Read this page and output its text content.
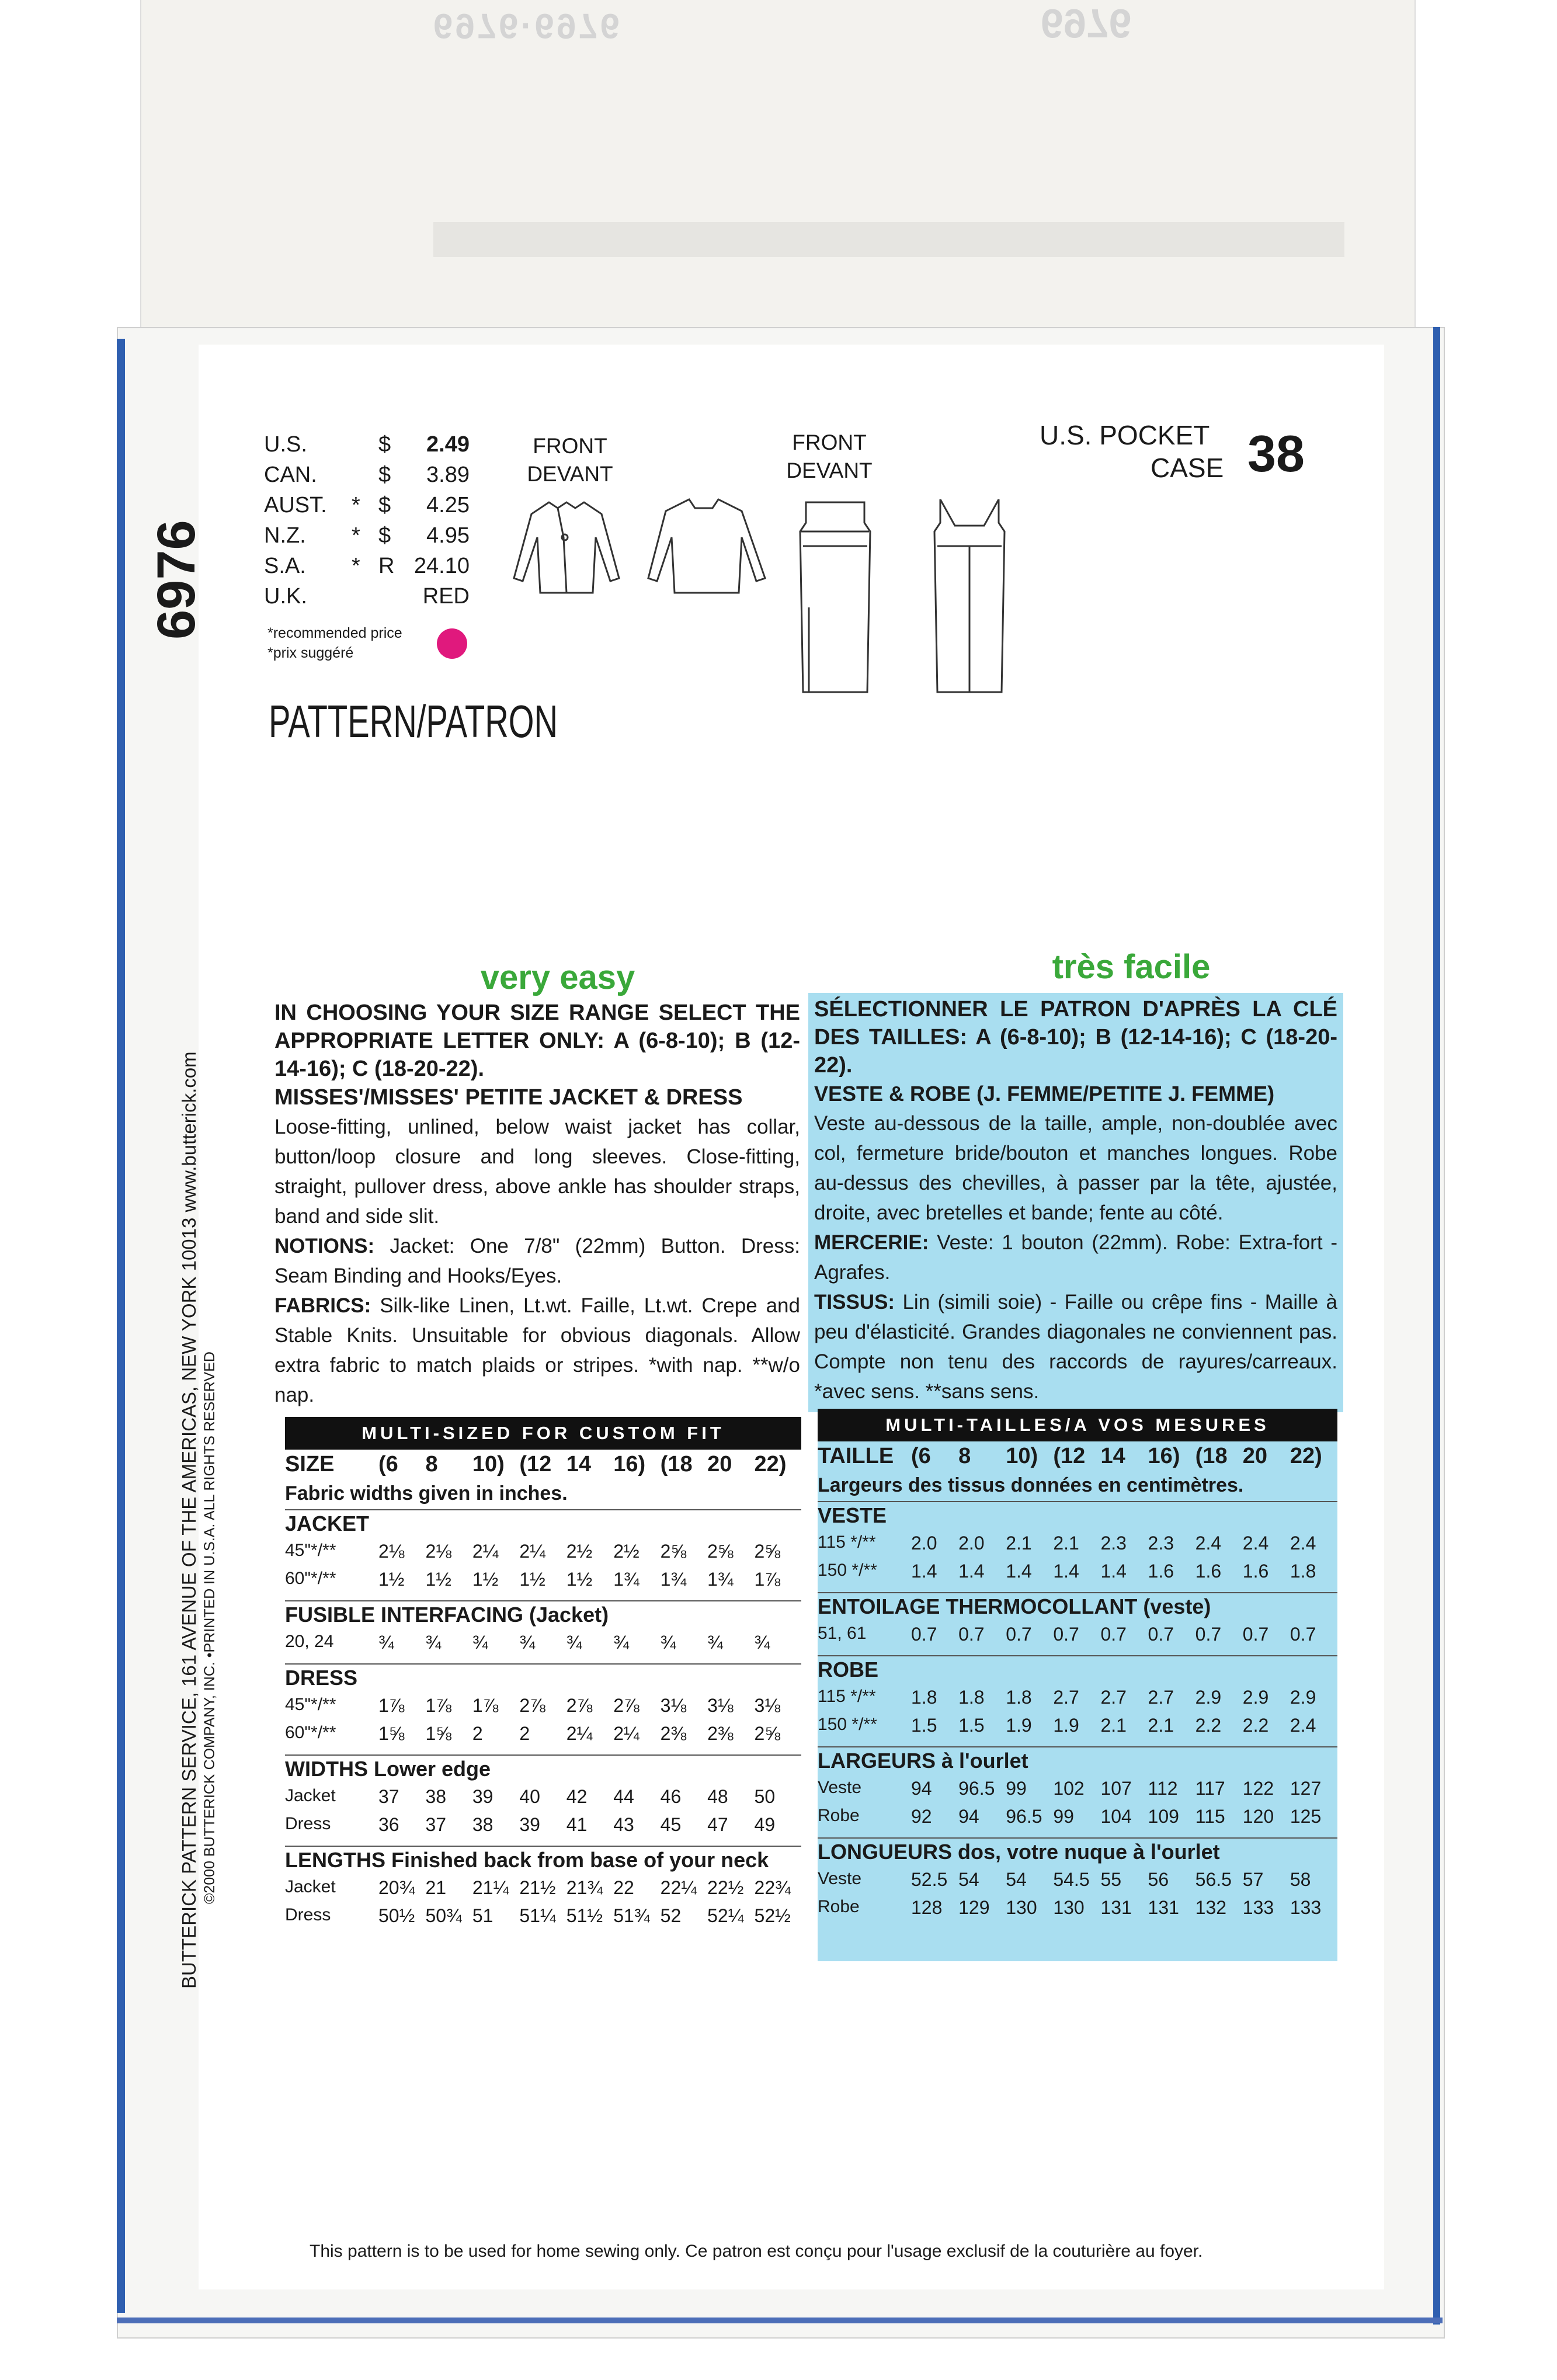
6976
6976·6976
6976
BUTTERICK PATTERN SERVICE, 161 AVENUE OF THE AMERICAS, NEW YORK 10013 www.butterick.com ©2000 BUTTERICK COMPANY, INC. •PRINTED IN U.S.A. ALL RIGHTS RESERVED
U.S.	$	2.49
CAN.	$	3.89
AUST.	* $	4.25
N.Z.	* $	4.95
S.A.	* R 24.10
U.K.	RED
*recommended price
*prix suggéré
PATTERN/PATRON
FRONT
DEVANT
FRONT
DEVANT
U.S. POCKET
CASE 38
very easy
IN CHOOSING YOUR SIZE RANGE SELECT THE APPROPRIATE LETTER ONLY: A (6-8-10); B (12-14-16); C (18-20-22).
MISSES'/MISSES' PETITE JACKET & DRESS
Loose-fitting, unlined, below waist jacket has collar, button/loop closure and long sleeves. Close-fitting, straight, pullover dress, above ankle has shoulder straps, band and side slit.
NOTIONS: Jacket: One 7/8" (22mm) Button. Dress: Seam Binding and Hooks/Eyes.
FABRICS: Silk-like Linen, Lt.wt. Faille, Lt.wt. Crepe and Stable Knits. Unsuitable for obvious diagonals. Allow extra fabric to match plaids or stripes. *with nap. **w/o nap.
MULTI-SIZED FOR CUSTOM FIT
SIZE (6 8 10) (12 14 16) (18 20 22)
Fabric widths given in inches.
JACKET
45"*/** 2⅛ 2⅛ 2¼ 2¼ 2½ 2½ 2⅝ 2⅝ 2⅝
60"*/** 1½ 1½ 1½ 1½ 1½ 1¾ 1¾ 1¾ 1⅞
FUSIBLE INTERFACING (Jacket)
20, 24 ¾ ¾ ¾ ¾ ¾ ¾ ¾ ¾ ¾
DRESS
45"*/** 1⅞ 1⅞ 1⅞ 2⅞ 2⅞ 2⅞ 3⅛ 3⅛ 3⅛
60"*/** 1⅝ 1⅝ 2 2 2¼ 2¼ 2⅜ 2⅜ 2⅝
WIDTHS Lower edge
Jacket 37 38 39 40 42 44 46 48 50
Dress	36 37 38 39 41 43 45 47 49
LENGTHS Finished back from base of your neck
Jacket 20¾ 21 21¼ 21½ 21¾ 22 22¼ 22½ 22¾
Dress	50½ 50¾ 51 51¼ 51½ 51¾ 52 52¼ 52½
très facile
SÉLECTIONNER LE PATRON D'APRÈS LA CLÉ DES TAILLES: A (6-8-10); B (12-14-16); C (18-20-22).
VESTE & ROBE (J. FEMME/PETITE J. FEMME)
Veste au-dessous de la taille, ample, non-doublée avec col, fermeture bride/bouton et manches longues. Robe au-dessus des chevilles, à passer par la tête, ajustée, droite, avec bretelles et bande; fente au côté.
MERCERIE: Veste: 1 bouton (22mm). Robe: Extra-fort - Agrafes.
TISSUS: Lin (simili soie) - Faille ou crêpe fins - Maille à peu d'élasticité. Grandes diagonales ne conviennent pas. Compte non tenu des raccords de rayures/carreaux. *avec sens. **sans sens.
MULTI-TAILLES/A VOS MESURES
TAILLE (6 8 10) (12 14 16) (18 20 22)
Largeurs des tissus données en centimètres.
VESTE
115 */** 2.0 2.0 2.1 2.1 2.3 2.3 2.4 2.4 2.4
150 */** 1.4 1.4 1.4 1.4 1.4 1.6 1.6 1.6 1.8
ENTOILAGE THERMOCOLLANT (veste)
51, 61 0.7 0.7 0.7 0.7 0.7 0.7 0.7 0.7 0.7
ROBE
115 */** 1.8 1.8 1.8 2.7 2.7 2.7 2.9 2.9 2.9
150 */** 1.5 1.5 1.9 1.9 2.1 2.1 2.2 2.2 2.4
LARGEURS à l'ourlet
Veste	94 96.5 99 102 107 112 117 122 127
Robe	92 94 96.5 99 104 109 115 120 125
LONGUEURS dos, votre nuque à l'ourlet
Veste	52.5 54 54 54.5 55 56 56.5 57 58
Robe	128 129 130 130 131 131 132 133 133
This pattern is to be used for home sewing only. Ce patron est conçu pour l'usage exclusif de la couturière au foyer.
